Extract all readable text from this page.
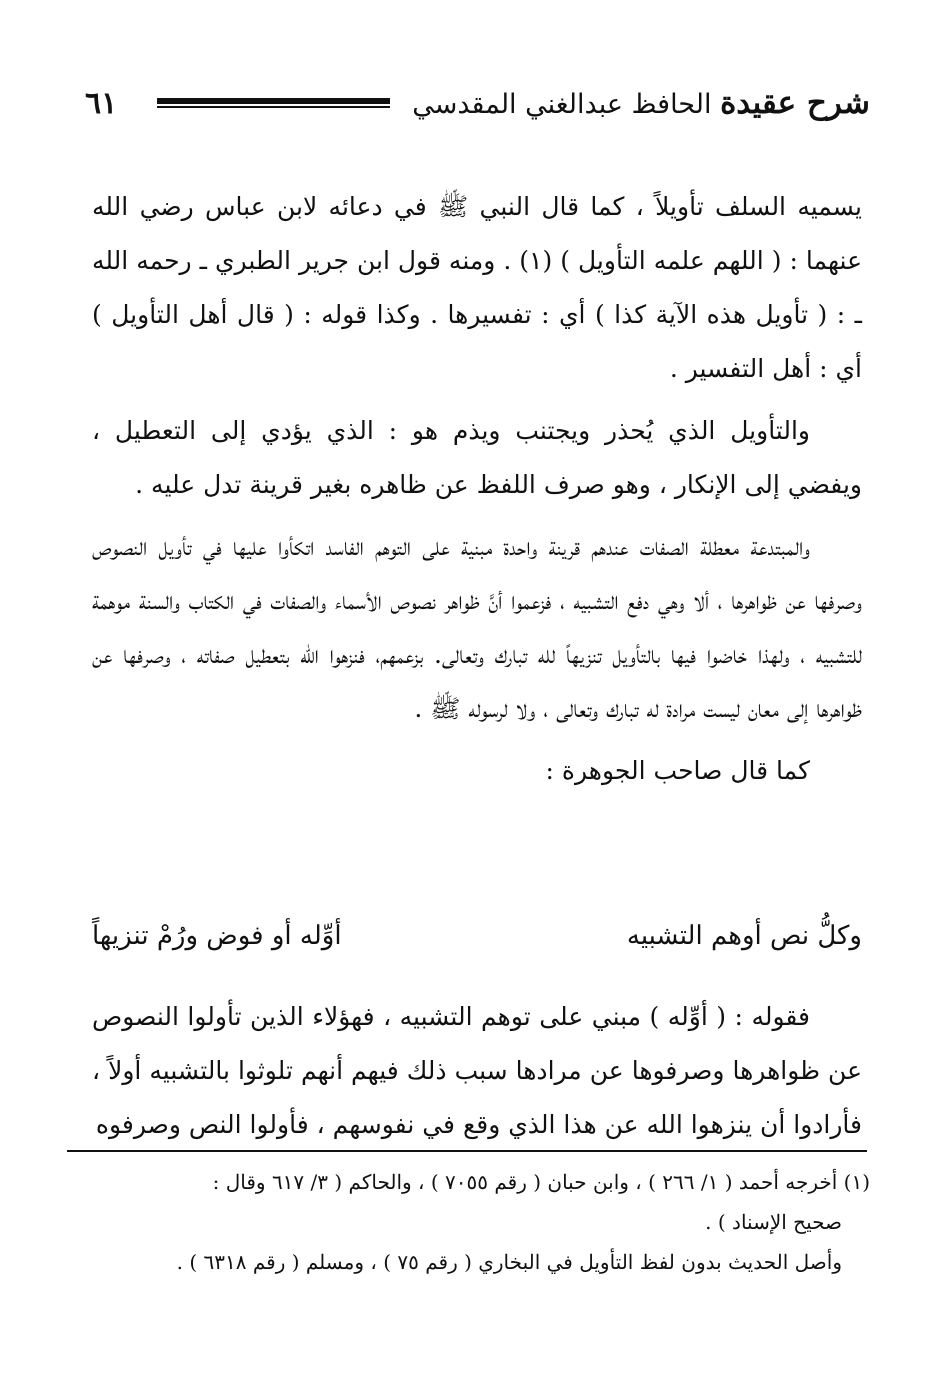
٦١	شرح عقيدة الحافظ عبدالغني المقدسي

يسميه السلف تأويلاً ، كما قال النبي ﷺ في دعائه لابن عباس رضي الله عنهما : ( اللهم علمه التأويل ) (١) . ومنه قول ابن جرير الطبري ـ رحمه الله ـ : ( تأويل هذه الآية كذا ) أي : تفسيرها . وكذا قوله : ( قال أهل التأويل ) أي : أهل التفسير .

والتأويل الذي يُحذر ويجتنب ويذم هو : الذي يؤدي إلى التعطيل ، ويفضي إلى الإنكار ، وهو صرف اللفظ عن ظاهره بغير قرينة تدل عليه .

والمبتدعة معطلة الصفات عندهم قرينة واحدة مبنية على التوهم الفاسد اتكأوا عليها في تأويل النصوص وصرفها عن ظواهرها ، ألا وهي دفع التشبيه ، فزعموا أنَّ ظواهر نصوص الأسماء والصفات في الكتاب والسنة موهمة للتشبيه ، ولهذا خاضوا فيها بالتأويل تنزيهاً لله تبارك وتعالى. بزعمهم، فنزهوا الله بتعطيل صفاته ، وصرفها عن ظواهرها إلى معان ليست مرادة له تبارك وتعالى ، ولا لرسوله ﷺ .

كما قال صاحب الجوهرة :

وكلُّ نص أوهم التشبيه
أوِّله أو فوض ورُمْ تنزيهاً

فقوله : ( أوِّله ) مبني على توهم التشبيه ، فهؤلاء الذين تأولوا النصوص عن ظواهرها وصرفوها عن مرادها سبب ذلك فيهم أنهم تلوثوا بالتشبيه أولاً ، فأرادوا أن ينزهوا الله عن هذا الذي وقع في نفوسهم ، فأولوا النص وصرفوه

(١) أخرجه أحمد ( ١/ ٢٦٦ ) ، وابن حبان ( رقم ٧٠٥٥ ) ، والحاكم ( ٣/ ٦١٧ وقال :

صحيح الإسناد ) .

وأصل الحديث بدون لفظ التأويل في البخاري ( رقم ٧٥ ) ، ومسلم ( رقم ٦٣١٨ ) .
